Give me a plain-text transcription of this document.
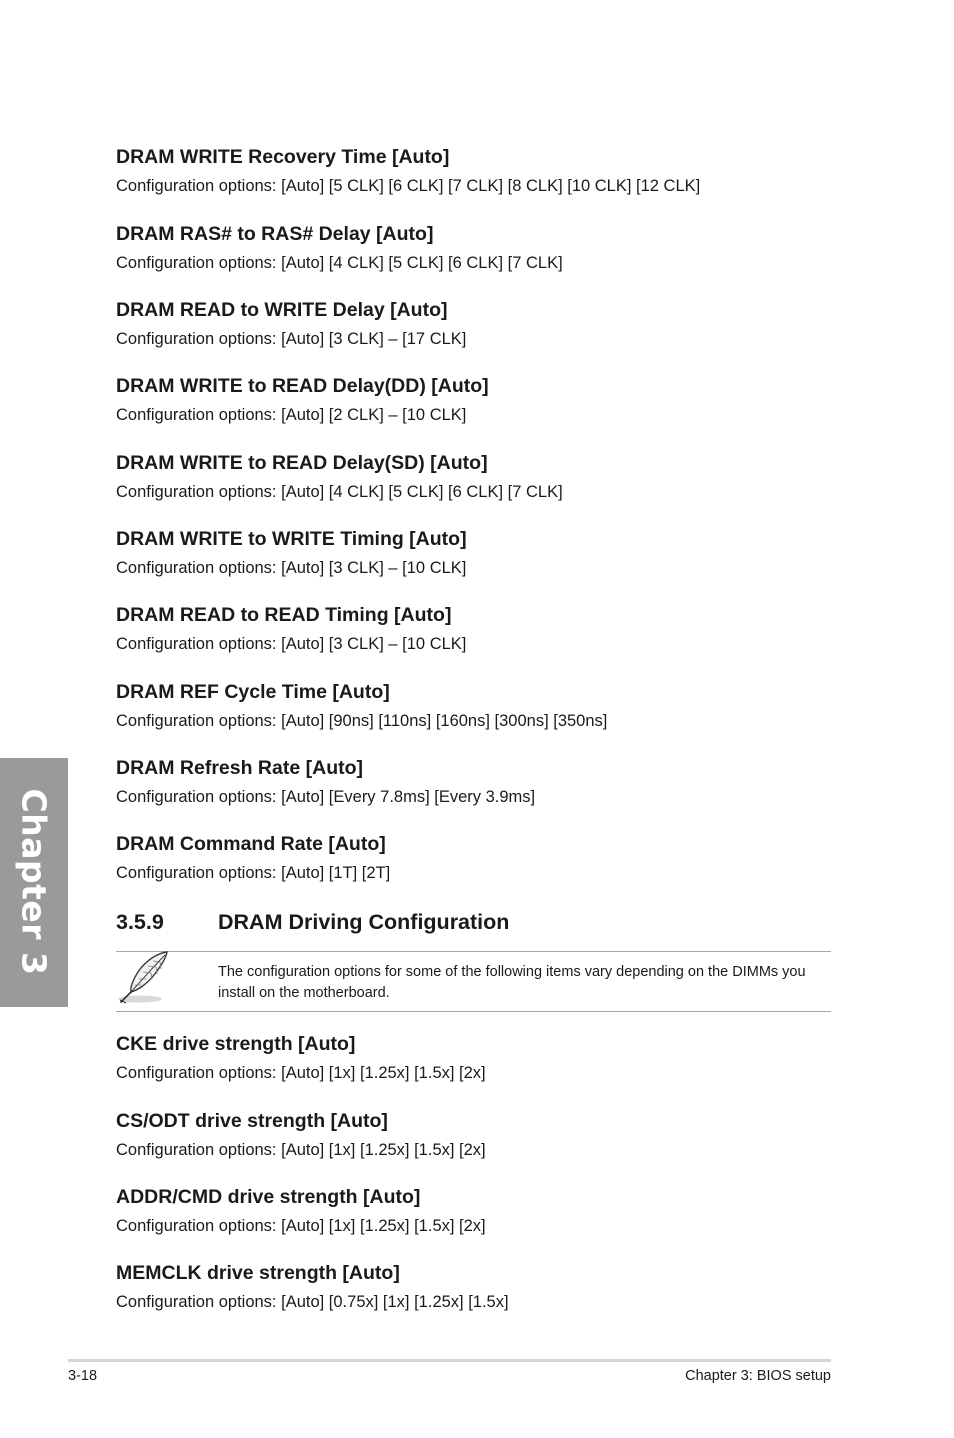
Chapter 3
DRAM WRITE Recovery Time [Auto]
Configuration options: [Auto] [5 CLK] [6 CLK] [7 CLK] [8 CLK] [10 CLK] [12 CLK]
DRAM RAS# to RAS# Delay [Auto]
Configuration options: [Auto] [4 CLK] [5 CLK] [6 CLK] [7 CLK]
DRAM READ to WRITE Delay [Auto]
Configuration options: [Auto] [3 CLK] – [17 CLK]
DRAM WRITE to READ Delay(DD) [Auto]
Configuration options: [Auto] [2 CLK] – [10 CLK]
DRAM WRITE to READ Delay(SD) [Auto]
Configuration options: [Auto] [4 CLK] [5 CLK] [6 CLK] [7 CLK]
DRAM WRITE to WRITE Timing [Auto]
Configuration options: [Auto] [3 CLK] – [10 CLK]
DRAM READ to READ Timing [Auto]
Configuration options: [Auto] [3 CLK] – [10 CLK]
DRAM REF Cycle Time [Auto]
Configuration options: [Auto] [90ns] [110ns] [160ns] [300ns] [350ns]
DRAM Refresh Rate [Auto]
Configuration options: [Auto] [Every 7.8ms] [Every 3.9ms]
DRAM Command Rate [Auto]
Configuration options: [Auto] [1T] [2T]
3.5.9	DRAM Driving Configuration
The configuration options for some of the following items vary depending on the DIMMs you install on the motherboard.
CKE drive strength [Auto]
Configuration options: [Auto] [1x] [1.25x] [1.5x] [2x]
CS/ODT drive strength [Auto]
Configuration options: [Auto] [1x] [1.25x] [1.5x] [2x]
ADDR/CMD drive strength [Auto]
Configuration options: [Auto] [1x] [1.25x] [1.5x] [2x]
MEMCLK drive strength [Auto]
Configuration options: [Auto] [0.75x] [1x] [1.25x] [1.5x]
3-18	Chapter 3: BIOS setup
